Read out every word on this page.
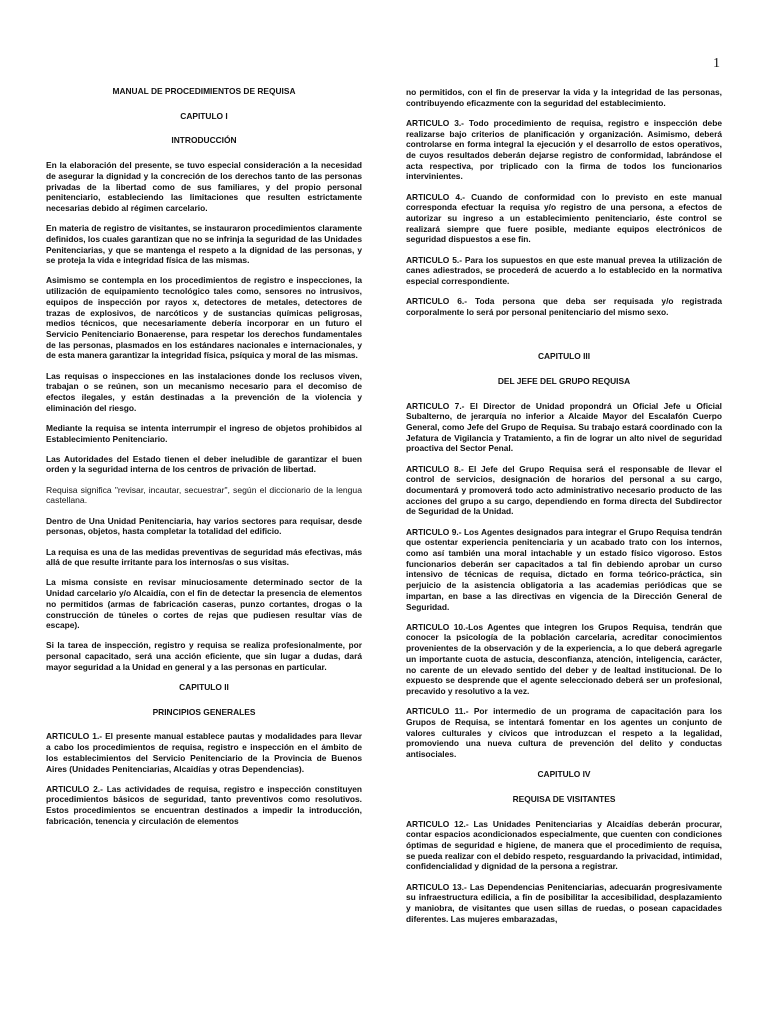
1
MANUAL DE PROCEDIMIENTOS DE REQUISA
CAPITULO I
INTRODUCCIÓN

En la elaboración del presente, se tuvo especial consideración a la necesidad de asegurar la dignidad y la concreción de los derechos tanto de las personas privadas de la libertad como de sus familiares, y del propio personal penitenciario, estableciendo las limitaciones que resulten estrictamente necesarias debido al régimen carcelario.

En materia de registro de visitantes, se instauraron procedimientos claramente definidos, los cuales garantizan que no se infrinja la seguridad de las Unidades Penitenciarias, y que se mantenga el respeto a la dignidad de las personas, y se proteja la vida e integridad física de las mismas.

Asimismo se contempla en los procedimientos de registro e inspecciones, la utilización de equipamiento tecnológico tales como, sensores no intrusivos, equipos de inspección por rayos x, detectores de metales, detectores de trazas de explosivos, de narcóticos y de sustancias químicas peligrosas, medios técnicos, que necesariamente debería incorporar en un futuro el Servicio Penitenciario Bonaerense, para respetar los derechos fundamentales de las personas, plasmados en los estándares nacionales e internacionales, y de esta manera garantizar la integridad física, psíquica y moral de las mismas.

Las requisas o inspecciones en las instalaciones donde los reclusos viven, trabajan o se reúnen, son un mecanismo necesario para el decomiso de efectos ilegales, y están destinadas a la prevención de la violencia y eliminación del riesgo.

Mediante la requisa se intenta interrumpir el ingreso de objetos prohibidos al Establecimiento Penitenciario.

Las Autoridades del Estado tienen el deber ineludible de garantizar el buen orden y la seguridad interna de los centros de privación de libertad.

Requisa significa "revisar, incautar, secuestrar", según el diccionario de la lengua castellana.

Dentro de Una Unidad Penitenciaria, hay varios sectores para requisar, desde personas, objetos, hasta completar la totalidad del edificio.

La requisa es una de las medidas preventivas de seguridad más efectivas, más allá de que resulte irritante para los internos/as o sus visitas.

La misma consiste en revisar minuciosamente determinado sector de la Unidad carcelario y/o Alcaidía, con el fin de detectar la presencia de elementos no permitidos (armas de fabricación caseras, punzo cortantes, drogas o la construcción de túneles o cortes de rejas que pudiesen resultar vías de escape).

Si la tarea de inspección, registro y requisa se realiza profesionalmente, por personal capacitado, será una acción eficiente, que sin lugar a dudas, dará mayor seguridad a la Unidad en general y a las personas en particular.

CAPITULO II
PRINCIPIOS GENERALES

ARTICULO 1.- El presente manual establece pautas y modalidades para llevar a cabo los procedimientos de requisa, registro e inspección en el ámbito de los establecimientos del Servicio Penitenciario de la Provincia de Buenos Aires (Unidades Penitenciarias, Alcaidías y otras Dependencias).

ARTICULO 2.- Las actividades de requisa, registro e inspección constituyen procedimientos básicos de seguridad, tanto preventivos como resolutivos. Estos procedimientos se encuentran destinados a impedir la introducción, fabricación, tenencia y circulación de elementos

no permitidos, con el fin de preservar la vida y la integridad de las personas, contribuyendo eficazmente con la seguridad del establecimiento.

ARTICULO 3.- Todo procedimiento de requisa, registro e inspección debe realizarse bajo criterios de planificación y organización. Asimismo, deberá controlarse en forma integral la ejecución y el desarrollo de estos operativos, de cuyos resultados deberán dejarse registro de conformidad, labrándose el acta respectiva, por triplicado con la firma de todos los funcionarios intervinientes.

ARTICULO 4.- Cuando de conformidad con lo previsto en este manual corresponda efectuar la requisa y/o registro de una persona, a efectos de autorizar su ingreso a un establecimiento penitenciario, éste control se realizará siempre que fuere posible, mediante equipos electrónicos de seguridad dispuestos a ese fin.

ARTICULO 5.- Para los supuestos en que este manual prevea la utilización de canes adiestrados, se procederá de acuerdo a lo establecido en la normativa especial correspondiente.

ARTICULO 6.- Toda persona que deba ser requisada y/o registrada corporalmente lo será por personal penitenciario del mismo sexo.

CAPITULO III
DEL JEFE DEL GRUPO REQUISA

ARTICULO 7.- El Director de Unidad propondrá un Oficial Jefe u Oficial Subalterno, de jerarquía no inferior a Alcaide Mayor del Escalafón Cuerpo General, como Jefe del Grupo de Requisa. Su trabajo estará coordinado con la Jefatura de Vigilancia y Tratamiento, a fin de lograr un alto nivel de seguridad proactiva del Sector Penal.

ARTICULO 8.- El Jefe del Grupo Requisa será el responsable de llevar el control de servicios, designación de horarios del personal a su cargo, documentará y promoverá todo acto administrativo necesario producto de las acciones del grupo a su cargo, dependiendo en forma directa del Subdirector de Seguridad de la Unidad.

ARTICULO 9.- Los Agentes designados para integrar el Grupo Requisa tendrán que ostentar experiencia penitenciaria y un acabado trato con los internos, como así también una moral intachable y un estado físico vigoroso. Estos funcionarios deberán ser capacitados a tal fin debiendo aprobar un curso intensivo de técnicas de requisa, dictado en forma teórico-práctica, sin perjuicio de la asistencia obligatoria a las academias periódicas que se impartan, en base a las directivas en vigencia de la Dirección General de Seguridad.

ARTICULO 10.-Los Agentes que integren los Grupos Requisa, tendrán que conocer la psicología de la población carcelaria, acreditar conocimientos provenientes de la observación y de la experiencia, a lo que deberá agregarle un importante cuota de astucia, desconfianza, atención, inteligencia, carácter, no carente de un elevado sentido del deber y de lealtad institucional. De lo expuesto se desprende que el agente seleccionado deberá ser un profesional, precavido y resolutivo a la vez.

ARTICULO 11.- Por intermedio de un programa de capacitación para los Grupos de Requisa, se intentará fomentar en los agentes un conjunto de valores culturales y cívicos que introduzcan el respeto a la legalidad, promoviendo una nueva cultura de prevención del delito y conductas antisociales.

CAPITULO IV
REQUISA DE VISITANTES

ARTICULO 12.- Las Unidades Penitenciarias y Alcaidías deberán procurar, contar espacios acondicionados especialmente, que cuenten con condiciones óptimas de seguridad e higiene, de manera que el procedimiento de requisa, se pueda realizar con el debido respeto, resguardando la privacidad, intimidad, confidencialidad y dignidad de la persona a registrar.

ARTICULO 13.- Las Dependencias Penitenciarias, adecuarán progresivamente su infraestructura edilicia, a fin de posibilitar la accesibilidad, desplazamiento y maniobra, de visitantes que usen sillas de ruedas, o posean capacidades diferentes. Las mujeres embarazadas,
